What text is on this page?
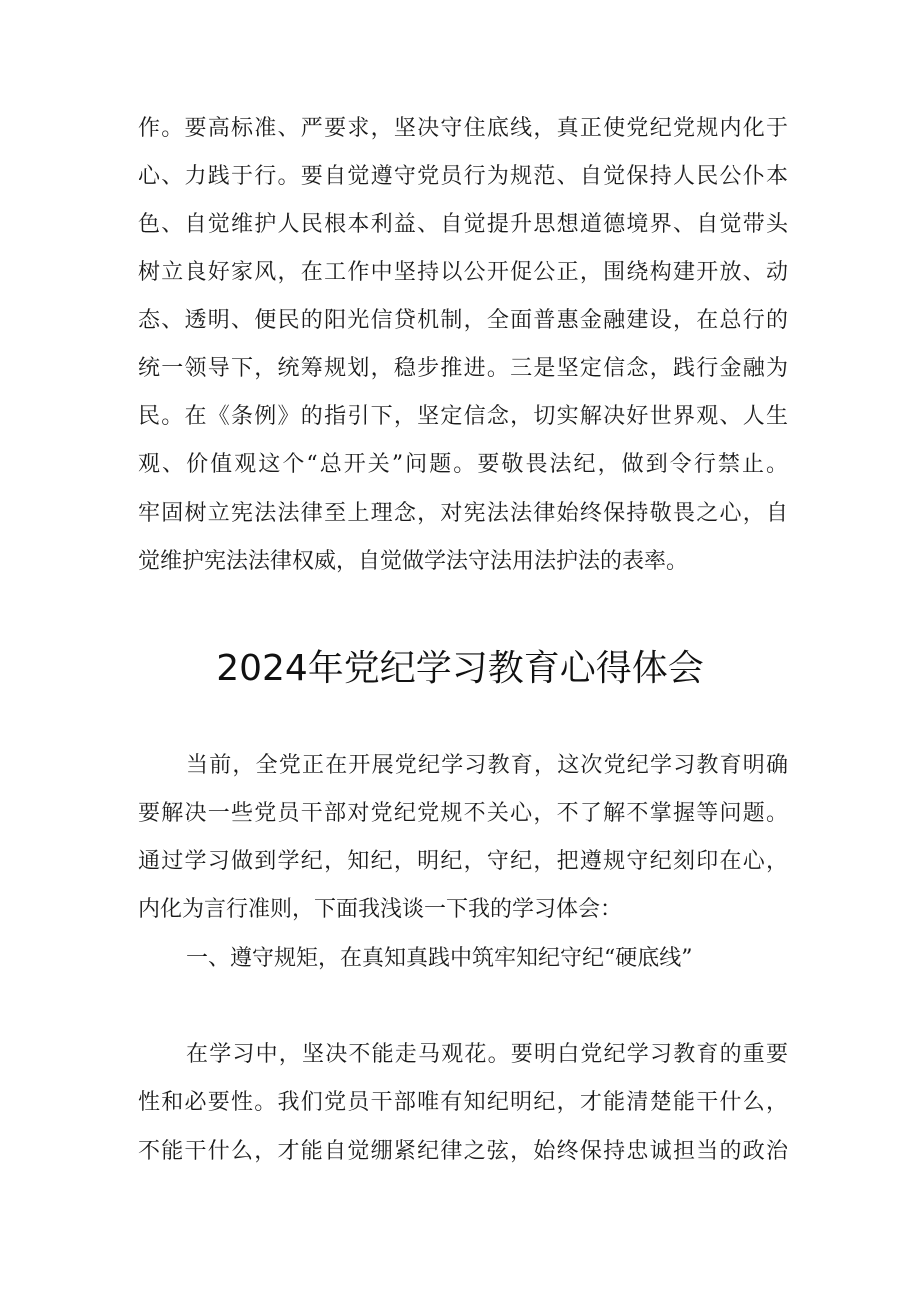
作。要高标准、严要求，坚决守住底线，真正使党纪党规内化于
心、力践于行。要自觉遵守党员行为规范、自觉保持人民公仆本
色、自觉维护人民根本利益、自觉提升思想道德境界、自觉带头
树立良好家风，在工作中坚持以公开促公正，围绕构建开放、动
态、透明、便民的阳光信贷机制，全面普惠金融建设，在总行的
统一领导下，统筹规划，稳步推进。三是坚定信念，践行金融为
民。在《条例》的指引下，坚定信念，切实解决好世界观、人生
观、价值观这个“总开关”问题。要敬畏法纪，做到令行禁止。
牢固树立宪法法律至上理念，对宪法法律始终保持敬畏之心，自
觉维护宪法法律权威，自觉做学法守法用法护法的表率。
2024年党纪学习教育心得体会
当前，全党正在开展党纪学习教育，这次党纪学习教育明确
要解决一些党员干部对党纪党规不关心，不了解不掌握等问题。
通过学习做到学纪，知纪，明纪，守纪，把遵规守纪刻印在心，
内化为言行准则，下面我浅谈一下我的学习体会：
一、遵守规矩，在真知真践中筑牢知纪守纪“硬底线”
在学习中，坚决不能走马观花。要明白党纪学习教育的重要
性和必要性。我们党员干部唯有知纪明纪，才能清楚能干什么，
不能干什么，才能自觉绷紧纪律之弦，始终保持忠诚担当的政治
